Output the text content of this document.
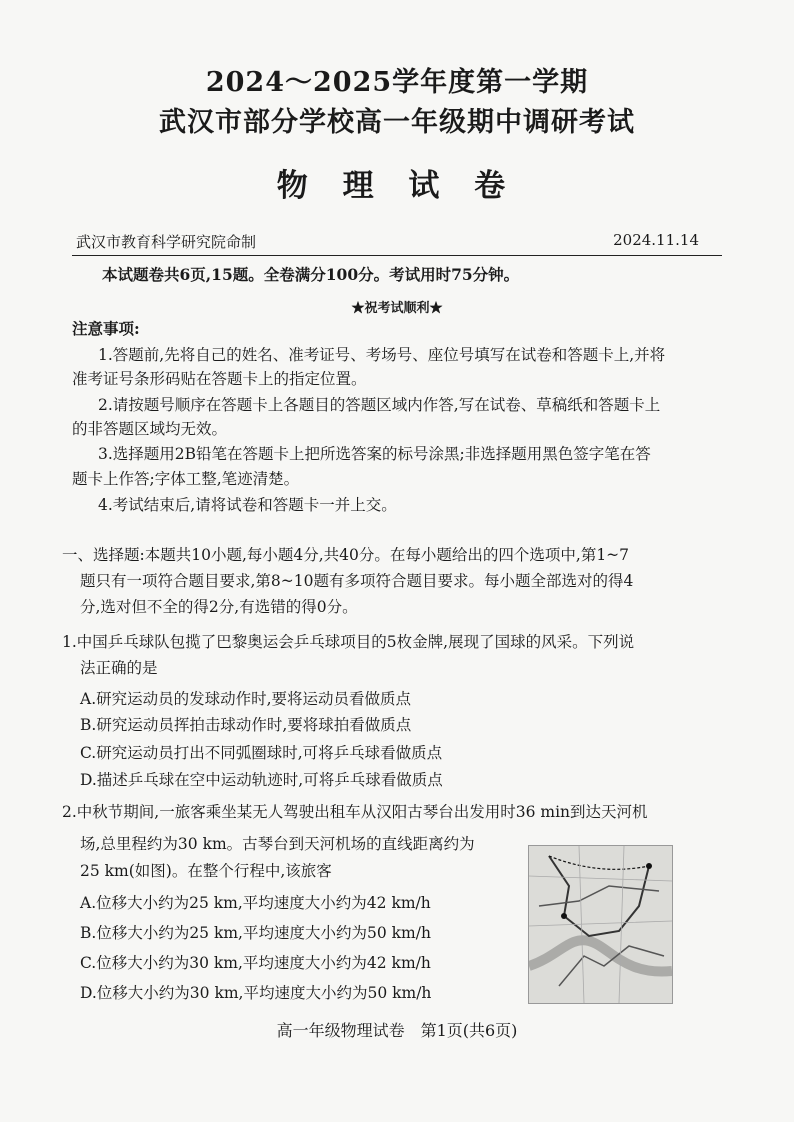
2024～2025学年度第一学期
武汉市部分学校高一年级期中调研考试
物 理 试 卷
武汉市教育科学研究院命制	2024.11.14
本试题卷共6页,15题。全卷满分100分。考试用时75分钟。
★祝考试顺利★
注意事项:
1.答题前,先将自己的姓名、准考证号、考场号、座位号填写在试卷和答题卡上,并将
准考证号条形码贴在答题卡上的指定位置。
2.请按题号顺序在答题卡上各题目的答题区域内作答,写在试卷、草稿纸和答题卡上
的非答题区域均无效。
3.选择题用2B铅笔在答题卡上把所选答案的标号涂黑;非选择题用黑色签字笔在答
题卡上作答;字体工整,笔迹清楚。
4.考试结束后,请将试卷和答题卡一并上交。
一、选择题:本题共10小题,每小题4分,共40分。在每小题给出的四个选项中,第1~7
题只有一项符合题目要求,第8~10题有多项符合题目要求。每小题全部选对的得4
分,选对但不全的得2分,有选错的得0分。
1.中国乒乓球队包揽了巴黎奥运会乒乓球项目的5枚金牌,展现了国球的风采。下列说
法正确的是
A.研究运动员的发球动作时,要将运动员看做质点
B.研究运动员挥拍击球动作时,要将球拍看做质点
C.研究运动员打出不同弧圈球时,可将乒乓球看做质点
D.描述乒乓球在空中运动轨迹时,可将乒乓球看做质点
2.中秋节期间,一旅客乘坐某无人驾驶出租车从汉阳古琴台出发用时36 min到达天河机
场,总里程约为30 km。古琴台到天河机场的直线距离约为
25 km(如图)。在整个行程中,该旅客
A.位移大小约为25 km,平均速度大小约为42 km/h
B.位移大小约为25 km,平均速度大小约为50 km/h
C.位移大小约为30 km,平均速度大小约为42 km/h
D.位移大小约为30 km,平均速度大小约为50 km/h
高一年级物理试卷　第1页(共6页)
